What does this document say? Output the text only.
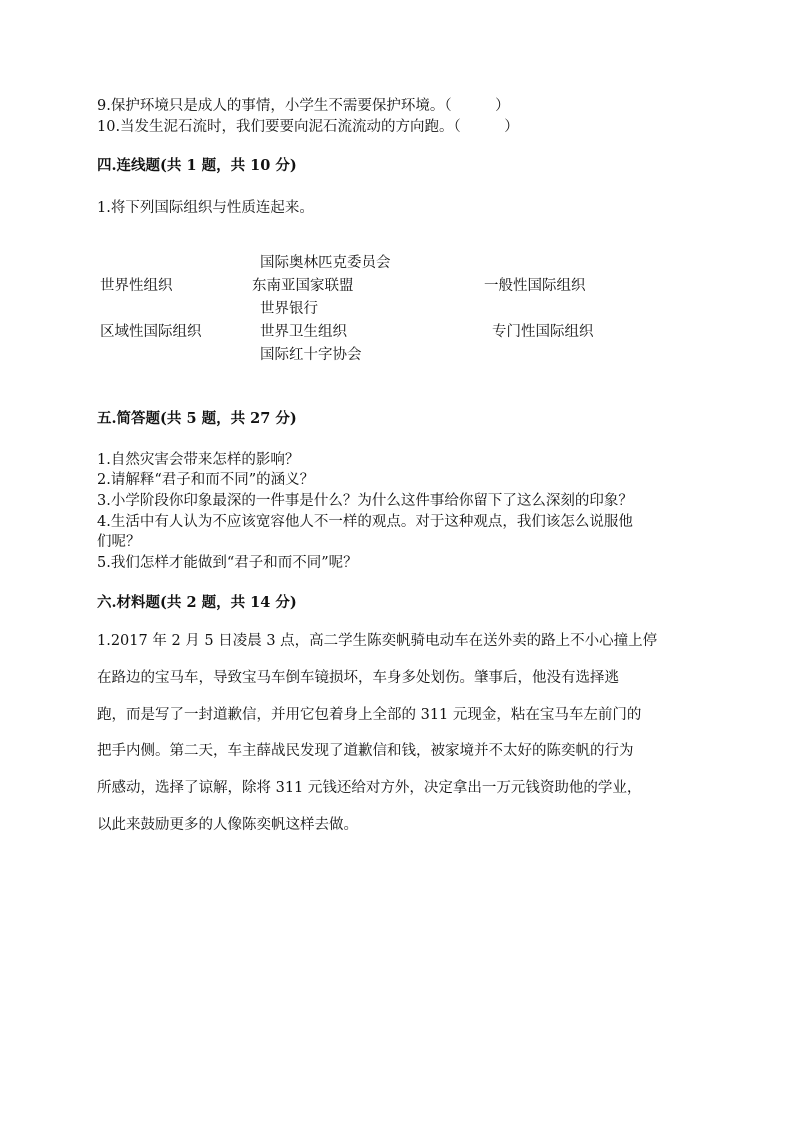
9.保护环境只是成人的事情，小学生不需要保护环境。（　　　）
10.当发生泥石流时，我们要要向泥石流流动的方向跑。（　　　）
四.连线题(共 1 题，共 10 分)
1.将下列国际组织与性质连起来。
国际奥林匹克委员会
世界性组织	东南亚国家联盟	一般性国际组织
世界银行
区域性国际组织	世界卫生组织	专门性国际组织
国际红十字协会
五.简答题(共 5 题，共 27 分)
1.自然灾害会带来怎样的影响？
2.请解释“君子和而不同”的涵义？
3.小学阶段你印象最深的一件事是什么？为什么这件事给你留下了这么深刻的印象？
4.生活中有人认为不应该宽容他人不一样的观点。对于这种观点，我们该怎么说服他
们呢？
5.我们怎样才能做到“君子和而不同”呢？
六.材料题(共 2 题，共 14 分)
1.2017 年 2 月 5 日凌晨 3 点，高二学生陈奕帆骑电动车在送外卖的路上不小心撞上停
在路边的宝马车，导致宝马车倒车镜损坏，车身多处划伤。肇事后，他没有选择逃
跑，而是写了一封道歉信，并用它包着身上全部的 311 元现金，粘在宝马车左前门的
把手内侧。第二天，车主薛战民发现了道歉信和钱，被家境并不太好的陈奕帆的行为
所感动，选择了谅解，除将 311 元钱还给对方外，决定拿出一万元钱资助他的学业，
以此来鼓励更多的人像陈奕帆这样去做。
